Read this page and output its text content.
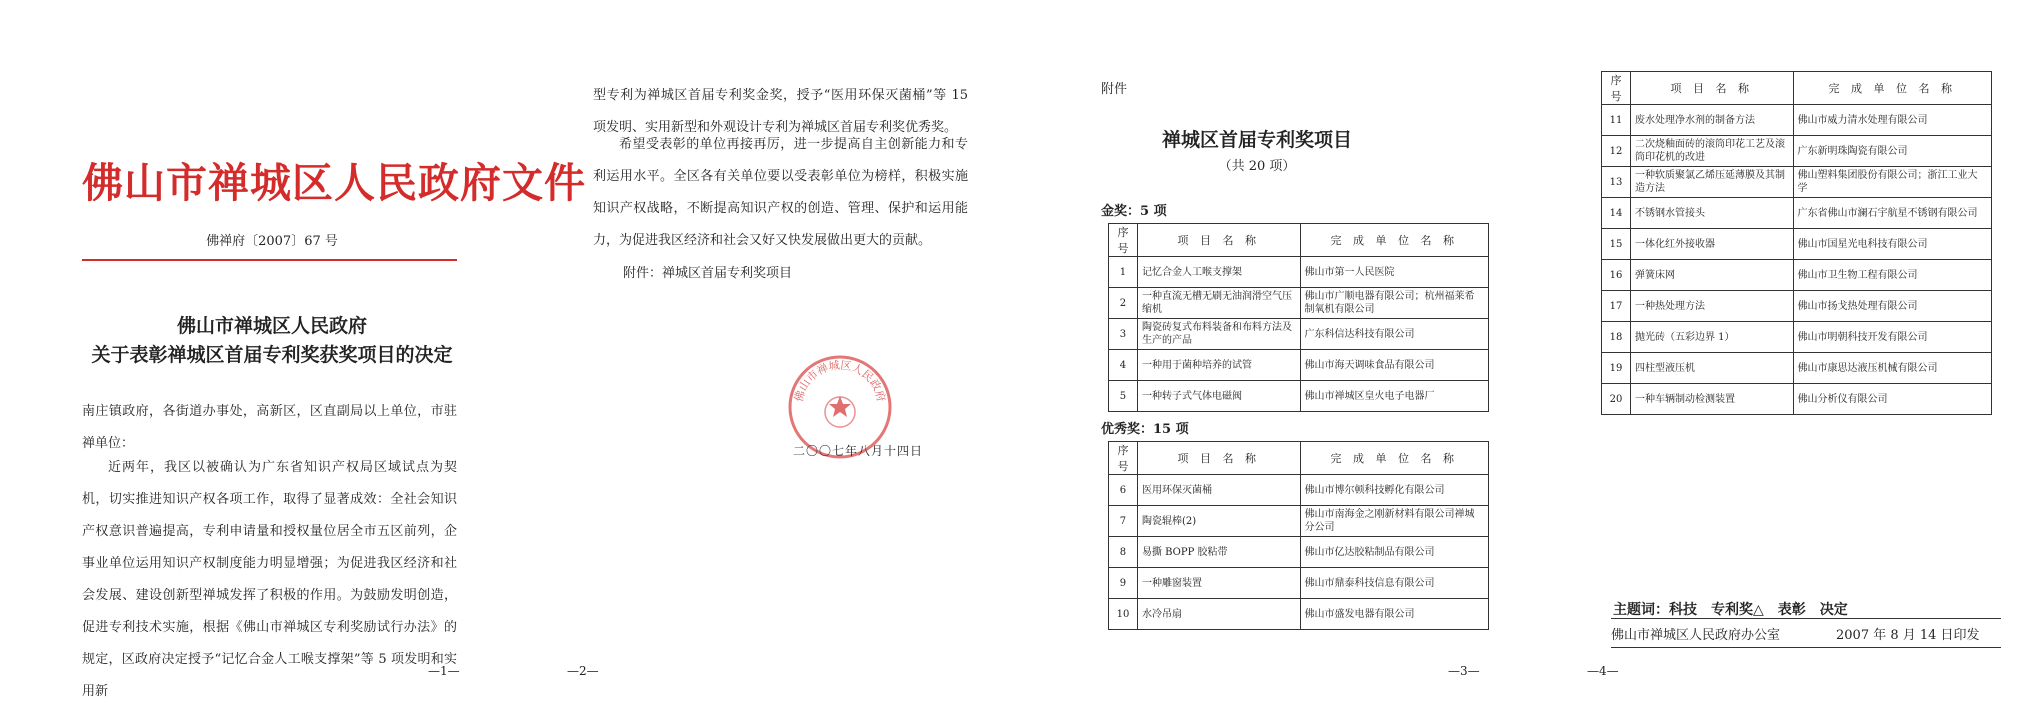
佛山市禅城区人民政府文件
佛禅府〔2007〕67 号
佛山市禅城区人民政府
关于表彰禅城区首届专利奖获奖项目的决定
南庄镇政府，各街道办事处，高新区，区直副局以上单位，市驻禅单位：
近两年，我区以被确认为广东省知识产权局区域试点为契机，切实推进知识产权各项工作，取得了显著成效：全社会知识产权意识普遍提高，专利申请量和授权量位居全市五区前列，企事业单位运用知识产权制度能力明显增强；为促进我区经济和社会发展、建设创新型禅城发挥了积极的作用。为鼓励发明创造，促进专利技术实施，根据《佛山市禅城区专利奖励试行办法》的规定，区政府决定授予“记忆合金人工喉支撑架”等 5 项发明和实用新
—1—
型专利为禅城区首届专利奖金奖，授予“医用环保灭菌桶”等 15 项发明、实用新型和外观设计专利为禅城区首届专利奖优秀奖。
希望受表彰的单位再接再厉，进一步提高自主创新能力和专利运用水平。全区各有关单位要以受表彰单位为榜样，积极实施知识产权战略，不断提高知识产权的创造、管理、保护和运用能力，为促进我区经济和社会又好又快发展做出更大的贡献。
附件：禅城区首届专利奖项目
佛山市禅城区人民政府
二〇〇七年八月十四日
—2—
附件
禅城区首届专利奖项目
（共 20 项）
金奖：5 项
序号	项 目 名 称	完 成 单 位 名 称
1	记忆合金人工喉支撑架	佛山市第一人民医院
2	一种直流无槽无刷无油润滑空气压缩机	佛山市广顺电器有限公司；杭州福莱希制氧机有限公司
3	陶瓷砖复式布料装备和布料方法及生产的产品	广东科信达科技有限公司
4	一种用于菌种培养的试管	佛山市海天调味食品有限公司
5	一种转子式气体电磁阀	佛山市禅城区皇火电子电器厂
优秀奖：15 项
序号	项 目 名 称	完 成 单 位 名 称
6	医用环保灭菌桶	佛山市博尔顿科技孵化有限公司
7	陶瓷辊棒(2)	佛山市南海金之刚新材料有限公司禅城分公司
8	易撕 BOPP 胶粘带	佛山市亿达胶粘制品有限公司
9	一种雕窗装置	佛山市鼎泰科技信息有限公司
10	水冷吊扇	佛山市盛发电器有限公司
—3—
序号	项 目 名 称	完 成 单 位 名 称
11	废水处理净水剂的制备方法	佛山市威力清水处理有限公司
12	二次烧釉面砖的滚筒印花工艺及滚筒印花机的改进	广东新明珠陶瓷有限公司
13	一种软质聚氯乙烯压延薄膜及其制造方法	佛山塑料集团股份有限公司；浙江工业大学
14	不锈钢水管接头	广东省佛山市澜石宇航星不锈钢有限公司
15	一体化红外接收器	佛山市国星光电科技有限公司
16	弹簧床网	佛山市卫生物工程有限公司
17	一种热处理方法	佛山市扬戈热处理有限公司
18	抛光砖（五彩边界 1）	佛山市明朝科技开发有限公司
19	四柱型液压机	佛山市康思达液压机械有限公司
20	一种车辆制动检测装置	佛山分析仪有限公司
主题词：科技　专利奖△　表彰　决定
佛山市禅城区人民政府办公室	2007 年 8 月 14 日印发
—4—
